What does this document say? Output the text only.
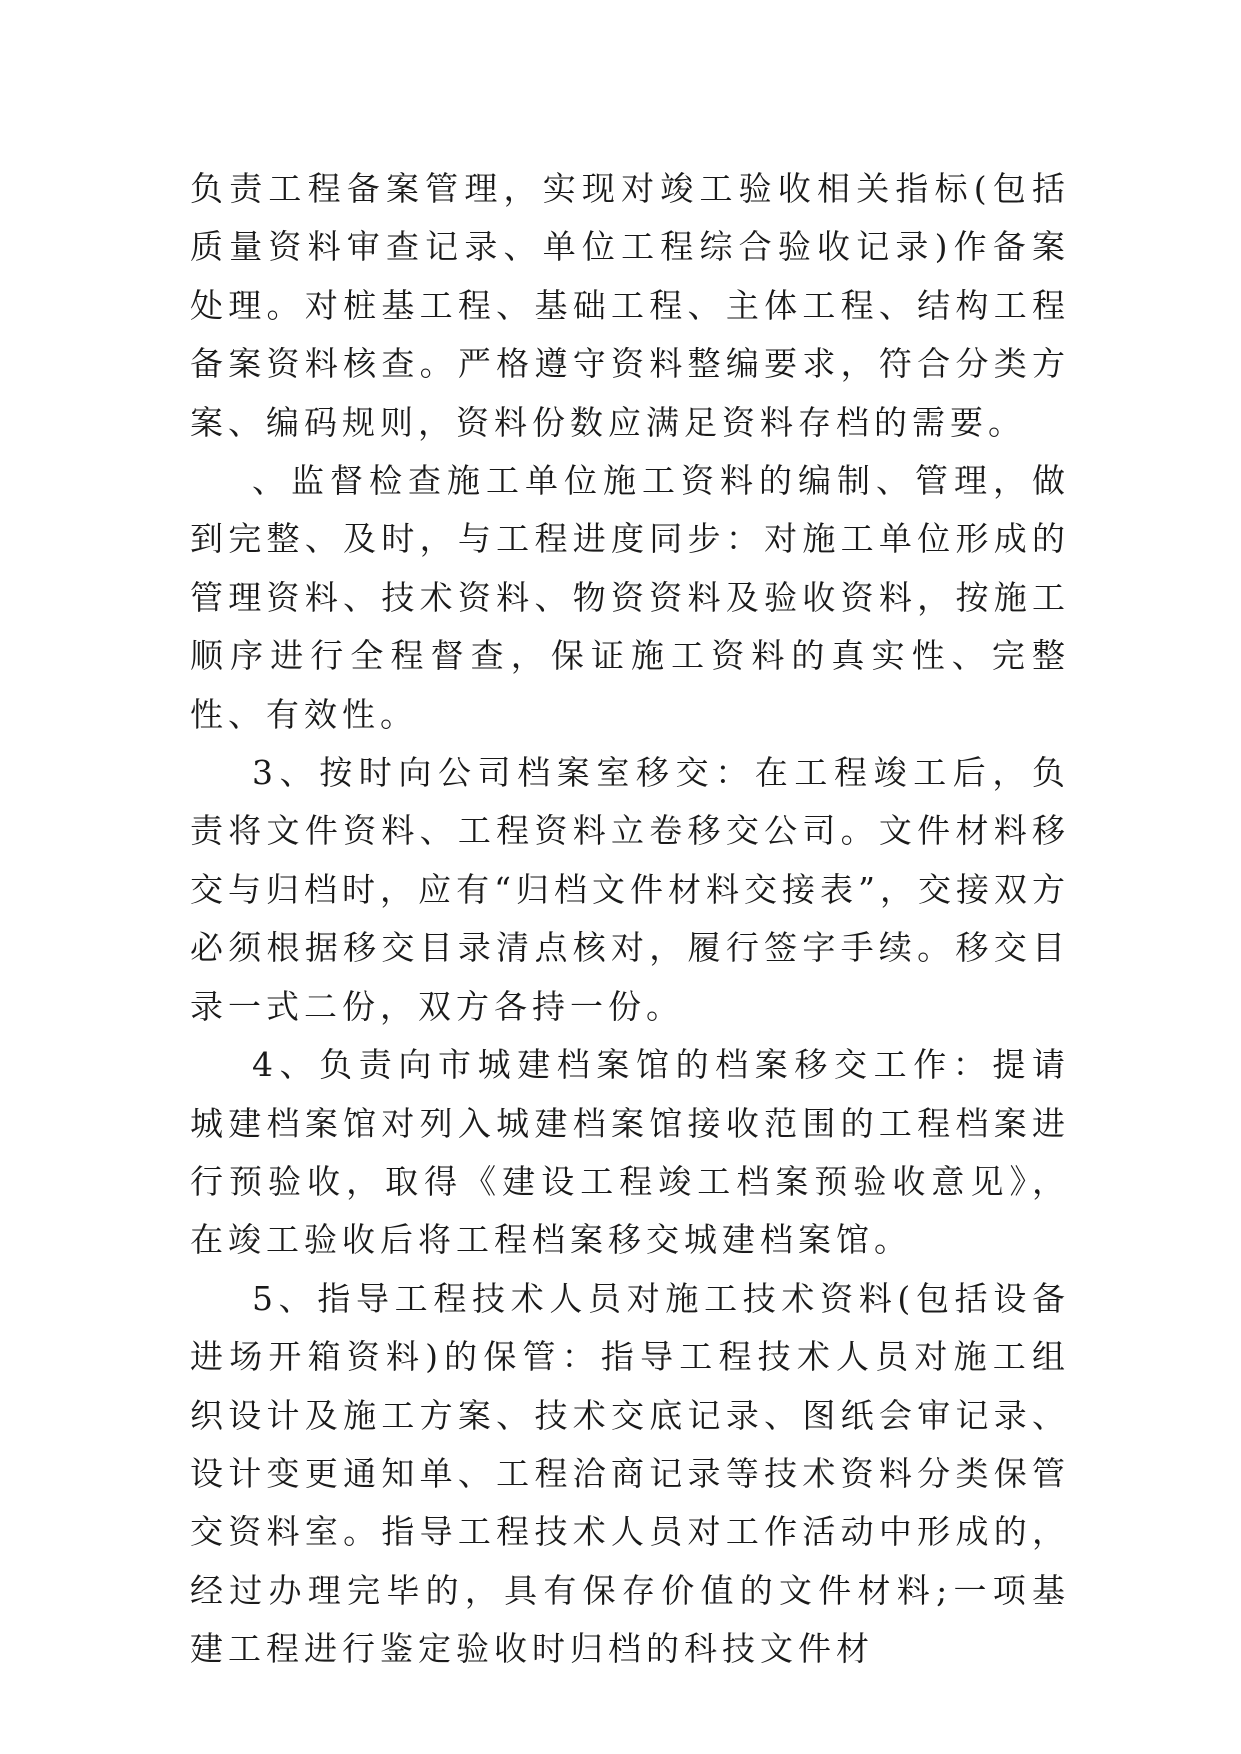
负责工程备案管理，实现对竣工验收相关指标(包括质量资料审查记录、单位工程综合验收记录)作备案处理。对桩基工程、基础工程、主体工程、结构工程备案资料核查。严格遵守资料整编要求，符合分类方案、编码规则，资料份数应满足资料存档的需要。

、监督检查施工单位施工资料的编制、管理，做到完整、及时，与工程进度同步：对施工单位形成的管理资料、技术资料、物资资料及验收资料，按施工顺序进行全程督查，保证施工资料的真实性、完整性、有效性。

3、按时向公司档案室移交：在工程竣工后，负责将文件资料、工程资料立卷移交公司。文件材料移交与归档时，应有“归档文件材料交接表”，交接双方必须根据移交目录清点核对，履行签字手续。移交目录一式二份，双方各持一份。

4、负责向市城建档案馆的档案移交工作：提请城建档案馆对列入城建档案馆接收范围的工程档案进行预验收，取得《建设工程竣工档案预验收意见》，在竣工验收后将工程档案移交城建档案馆。

5、指导工程技术人员对施工技术资料(包括设备进场开箱资料)的保管：指导工程技术人员对施工组织设计及施工方案、技术交底记录、图纸会审记录、设计变更通知单、工程洽商记录等技术资料分类保管交资料室。指导工程技术人员对工作活动中形成的，经过办理完毕的，具有保存价值的文件材料;一项基建工程进行鉴定验收时归档的科技文件材
